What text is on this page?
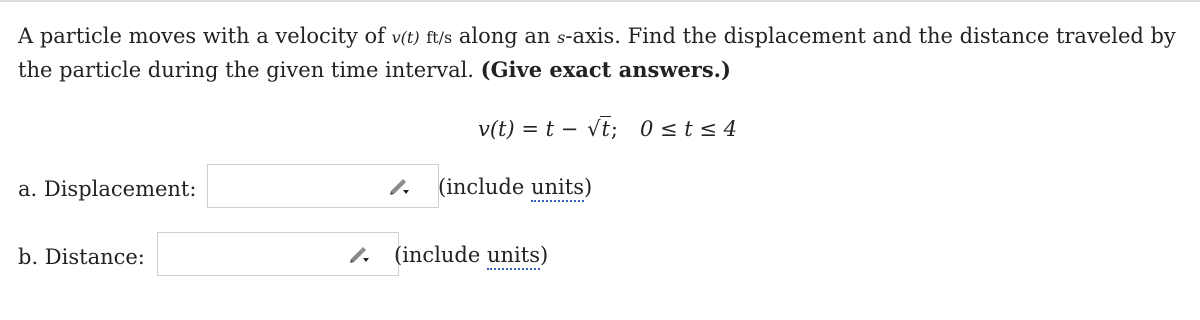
A particle moves with a velocity of v(t) ft/s along an s-axis. Find the displacement and the distance traveled by the particle during the given time interval. (Give exact answers.)
v(t) = t − √t; 0 ≤ t ≤ 4
a. Displacement:	(include units)
b. Distance:	(include units)
